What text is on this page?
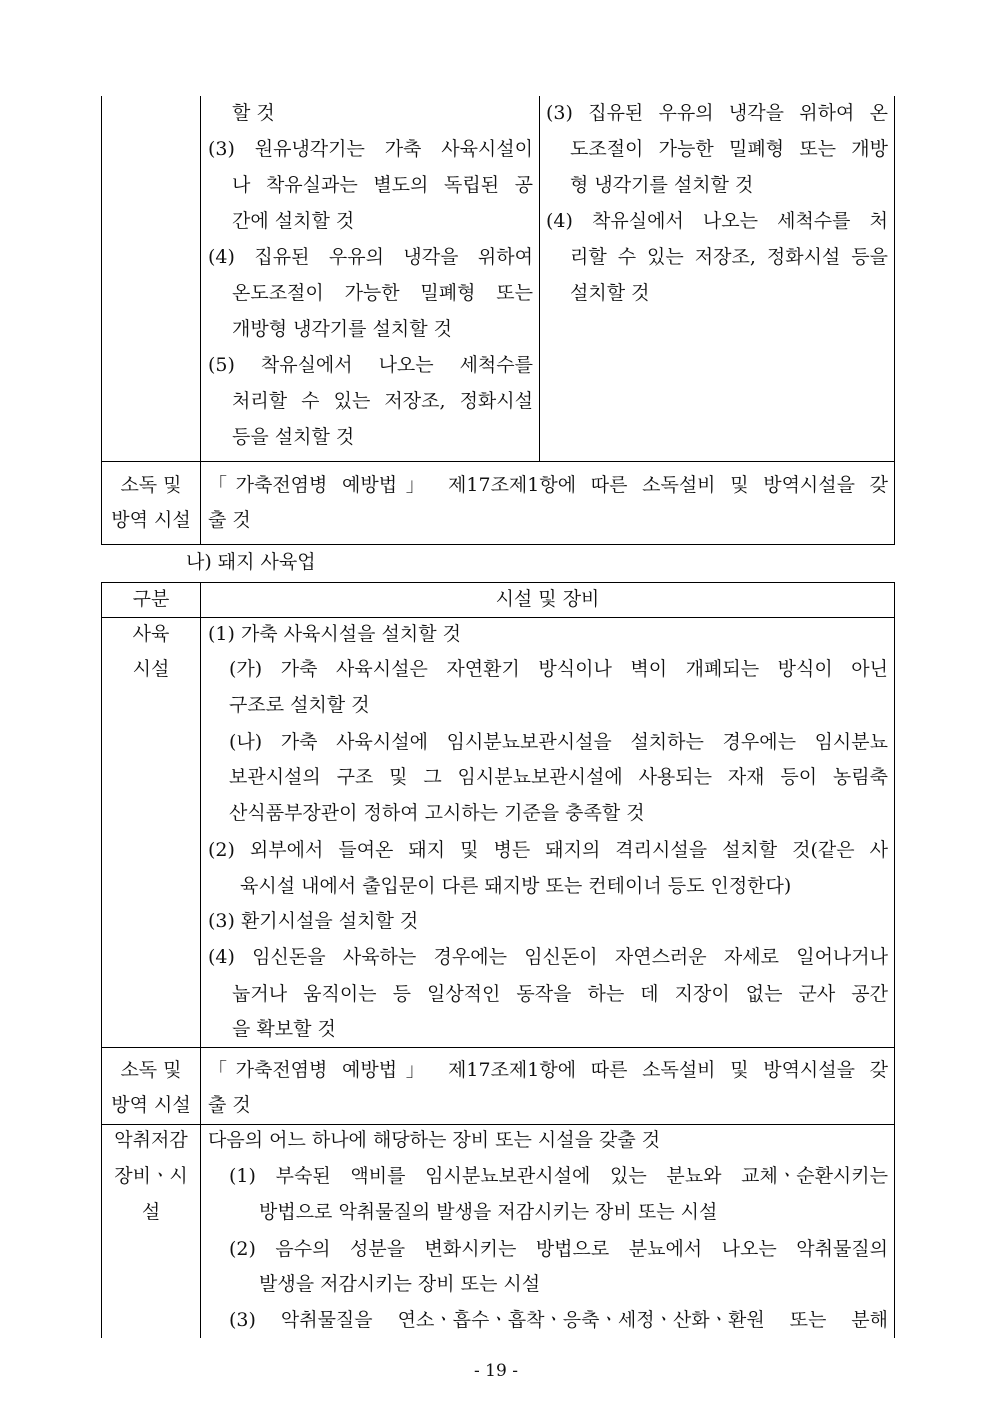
할 것
(3) 원유냉각기는 가축 사육시설이
나 착유실과는 별도의 독립된 공
간에 설치할 것
(4) 집유된 우유의 냉각을 위하여
온도조절이 가능한 밀폐형 또는
개방형 냉각기를 설치할 것
(5) 착유실에서 나오는 세척수를
처리할 수 있는 저장조, 정화시설
등을 설치할 것
(3) 집유된 우유의 냉각을 위하여 온
도조절이 가능한 밀폐형 또는 개방
형 냉각기를 설치할 것
(4) 착유실에서 나오는 세척수를 처
리할 수 있는 저장조, 정화시설 등을
설치할 것
소독 및
방역 시설
「가축전염병 예방법」 제17조제1항에 따른 소독설비 및 방역시설을 갖
출 것
나) 돼지 사육업
구분	시설 및 장비
사육
시설
(1) 가축 사육시설을 설치할 것
(가) 가축 사육시설은 자연환기 방식이나 벽이 개폐되는 방식이 아닌
구조로 설치할 것
(나) 가축 사육시설에 임시분뇨보관시설을 설치하는 경우에는 임시분뇨
보관시설의 구조 및 그 임시분뇨보관시설에 사용되는 자재 등이 농림축
산식품부장관이 정하여 고시하는 기준을 충족할 것
(2) 외부에서 들여온 돼지 및 병든 돼지의 격리시설을 설치할 것(같은 사
육시설 내에서 출입문이 다른 돼지방 또는 컨테이너 등도 인정한다)
(3) 환기시설을 설치할 것
(4) 임신돈을 사육하는 경우에는 임신돈이 자연스러운 자세로 일어나거나
눕거나 움직이는 등 일상적인 동작을 하는 데 지장이 없는 군사 공간
을 확보할 것
소독 및
방역 시설
「가축전염병 예방법」 제17조제1항에 따른 소독설비 및 방역시설을 갖
출 것
악취저감
장비ㆍ시
설
다음의 어느 하나에 해당하는 장비 또는 시설을 갖출 것
(1) 부숙된 액비를 임시분뇨보관시설에 있는 분뇨와 교체ㆍ순환시키는
방법으로 악취물질의 발생을 저감시키는 장비 또는 시설
(2) 음수의 성분을 변화시키는 방법으로 분뇨에서 나오는 악취물질의
발생을 저감시키는 장비 또는 시설
(3) 악취물질을 연소ㆍ흡수ㆍ흡착ㆍ응축ㆍ세정ㆍ산화ㆍ환원 또는 분해
- 19 -
